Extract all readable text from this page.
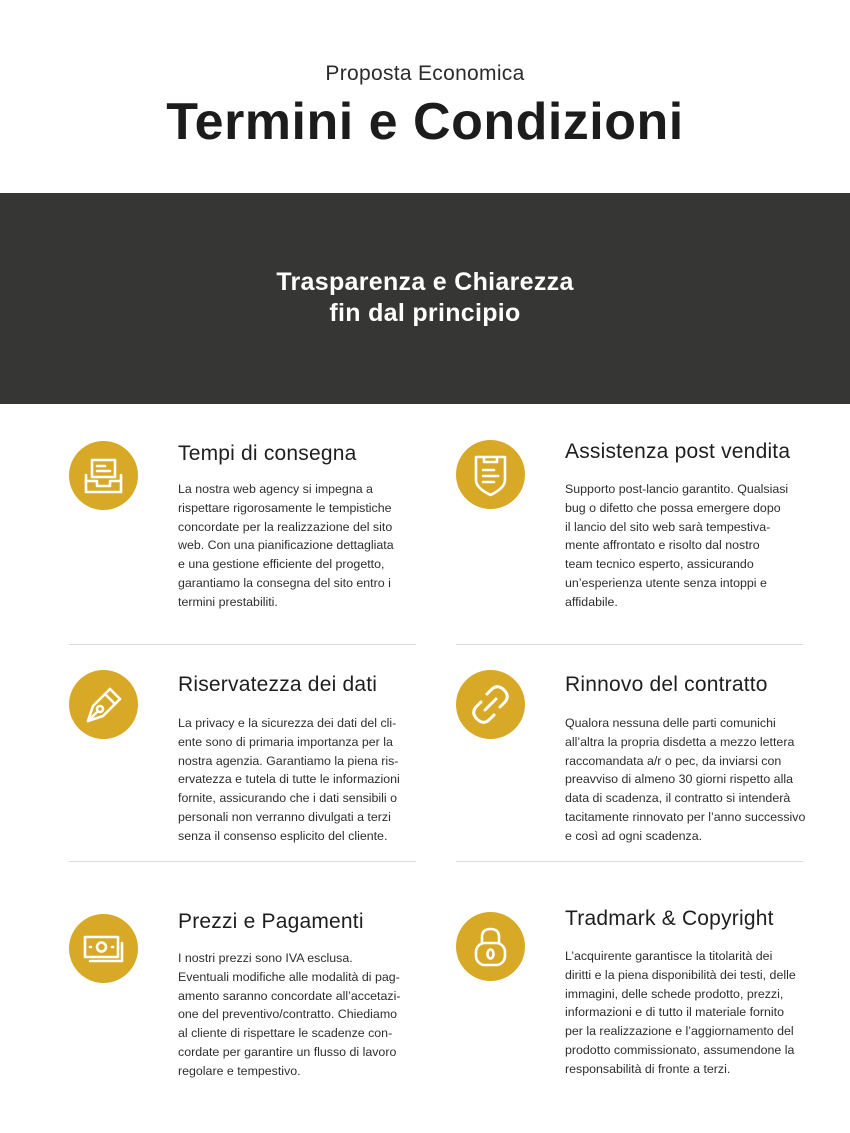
Proposta Economica
Termini e Condizioni
Trasparenza e Chiarezza
fin dal principio
Tempi di consegna
La nostra web agency si impegna a
rispettare rigorosamente le tempistiche
concordate per la realizzazione del sito
web. Con una pianificazione dettagliata
e una gestione efficiente del progetto,
garantiamo la consegna del sito entro i
termini prestabiliti.
Assistenza post vendita
Supporto post-lancio garantito. Qualsiasi
bug o difetto che possa emergere dopo
il lancio del sito web sarà tempestiva-
mente affrontato e risolto dal nostro
team tecnico esperto, assicurando
un’esperienza utente senza intoppi e
affidabile.
Riservatezza dei dati
La privacy e la sicurezza dei dati del cli-
ente sono di primaria importanza per la
nostra agenzia. Garantiamo la piena ris-
ervatezza e tutela di tutte le informazioni
fornite, assicurando che i dati sensibili o
personali non verranno divulgati a terzi
senza il consenso esplicito del cliente.
Rinnovo del contratto
Qualora nessuna delle parti comunichi
all’altra la propria disdetta a mezzo lettera
raccomandata a/r o pec, da inviarsi con
preavviso di almeno 30 giorni rispetto alla
data di scadenza, il contratto si intenderà
tacitamente rinnovato per l’anno successivo
e così ad ogni scadenza.
Prezzi e Pagamenti
I nostri prezzi sono IVA esclusa.
Eventuali modifiche alle modalità di pag-
amento saranno concordate all’accetazi-
one del preventivo/contratto. Chiediamo
al cliente di rispettare le scadenze con-
cordate per garantire un flusso di lavoro
regolare e tempestivo.
Tradmark & Copyright
L’acquirente garantisce la titolarità dei
diritti e la piena disponibilità dei testi, delle
immagini, delle schede prodotto, prezzi,
informazioni e di tutto il materiale fornito
per la realizzazione e l’aggiornamento del
prodotto commissionato, assumendone la
responsabilità di fronte a terzi.
